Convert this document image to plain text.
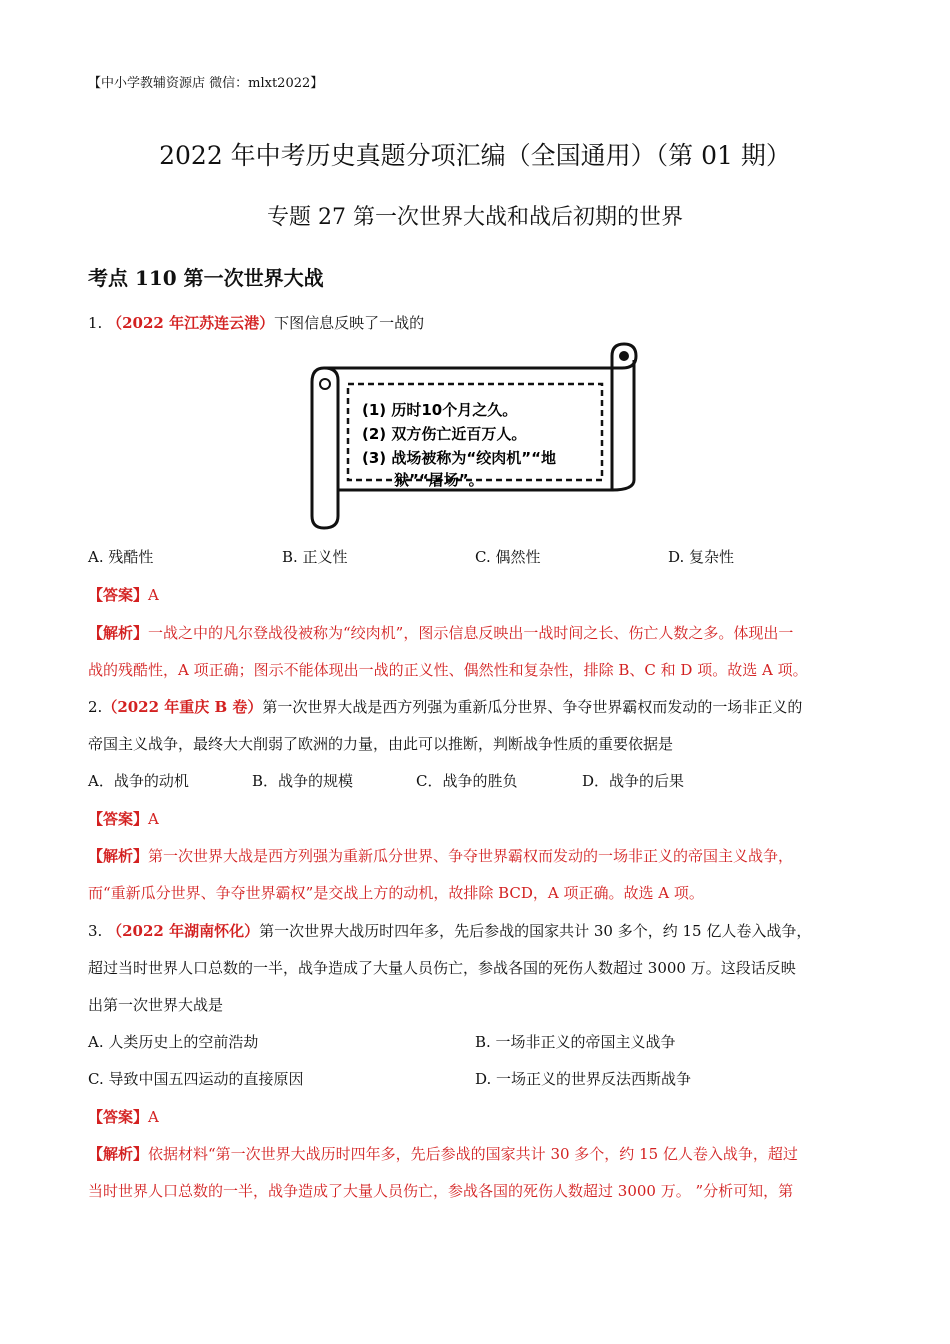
【中小学教辅资源店 微信：mlxt2022】
2022 年中考历史真题分项汇编（全国通用）（第 01 期）
专题 27 第一次世界大战和战后初期的世界
考点 110 第一次世界大战
1. （2022 年江苏连云港）下图信息反映了一战的
(1) 历时10个月之久。
(2) 双方伤亡近百万人。
(3) 战场被称为“绞肉机”“地
狱”“屠场”。
A. 残酷性	B. 正义性	C. 偶然性	D. 复杂性
【答案】A
【解析】一战之中的凡尔登战役被称为“绞肉机”，图示信息反映出一战时间之长、伤亡人数之多。体现出一
战的残酷性，A 项正确；图示不能体现出一战的正义性、偶然性和复杂性，排除 B、C 和 D 项。故选 A 项。
2.（2022 年重庆 B 卷）第一次世界大战是西方列强为重新瓜分世界、争夺世界霸权而发动的一场非正义的
帝国主义战争，最终大大削弱了欧洲的力量，由此可以推断，判断战争性质的重要依据是
A．战争的动机	B．战争的规模	C．战争的胜负	D．战争的后果
【答案】A
【解析】第一次世界大战是西方列强为重新瓜分世界、争夺世界霸权而发动的一场非正义的帝国主义战争，
而“重新瓜分世界、争夺世界霸权”是交战上方的动机，故排除 BCD，A 项正确。故选 A 项。
3. （2022 年湖南怀化）第一次世界大战历时四年多，先后参战的国家共计 30 多个，约 15 亿人卷入战争，
超过当时世界人口总数的一半，战争造成了大量人员伤亡，参战各国的死伤人数超过 3000 万。这段话反映
出第一次世界大战是
A. 人类历史上的空前浩劫	B. 一场非正义的帝国主义战争
C. 导致中国五四运动的直接原因	D. 一场正义的世界反法西斯战争
【答案】A
【解析】依据材料“第一次世界大战历时四年多，先后参战的国家共计 30 多个，约 15 亿人卷入战争，超过
当时世界人口总数的一半，战争造成了大量人员伤亡，参战各国的死伤人数超过 3000 万。 ”分析可知，第
